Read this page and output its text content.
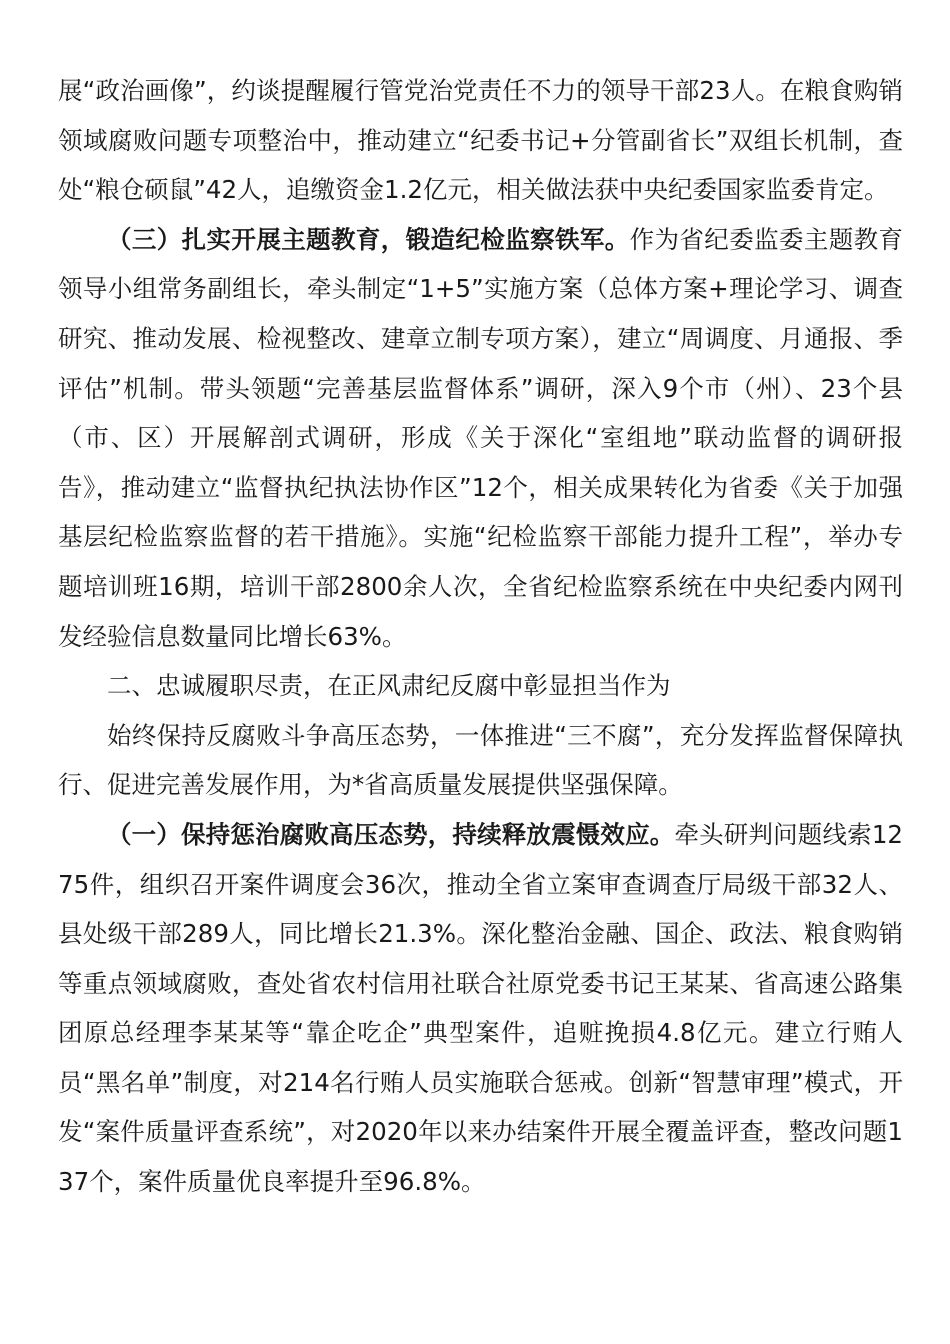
展“政治画像”，约谈提醒履行管党治党责任不力的领导干部23人。在粮食购销领域腐败问题专项整治中，推动建立“纪委书记+分管副省长”双组长机制，查处“粮仓硕鼠”42人，追缴资金1.2亿元，相关做法获中央纪委国家监委肯定。

（三）扎实开展主题教育，锻造纪检监察铁军。作为省纪委监委主题教育领导小组常务副组长，牵头制定“1+5”实施方案（总体方案+理论学习、调查研究、推动发展、检视整改、建章立制专项方案），建立“周调度、月通报、季评估”机制。带头领题“完善基层监督体系”调研，深入9个市（州）、23个县（市、区）开展解剖式调研，形成《关于深化“室组地”联动监督的调研报告》，推动建立“监督执纪执法协作区”12个，相关成果转化为省委《关于加强基层纪检监察监督的若干措施》。实施“纪检监察干部能力提升工程”，举办专题培训班16期，培训干部2800余人次，全省纪检监察系统在中央纪委内网刊发经验信息数量同比增长63%。

二、忠诚履职尽责，在正风肃纪反腐中彰显担当作为

始终保持反腐败斗争高压态势，一体推进“三不腐”，充分发挥监督保障执行、促进完善发展作用，为*省高质量发展提供坚强保障。

（一）保持惩治腐败高压态势，持续释放震慑效应。牵头研判问题线索1275件，组织召开案件调度会36次，推动全省立案审查调查厅局级干部32人、县处级干部289人，同比增长21.3%。深化整治金融、国企、政法、粮食购销等重点领域腐败，查处省农村信用社联合社原党委书记王某某、省高速公路集团原总经理李某某等“靠企吃企”典型案件，追赃挽损4.8亿元。建立行贿人员“黑名单”制度，对214名行贿人员实施联合惩戒。创新“智慧审理”模式，开发“案件质量评查系统”，对2020年以来办结案件开展全覆盖评查，整改问题137个，案件质量优良率提升至96.8%。
